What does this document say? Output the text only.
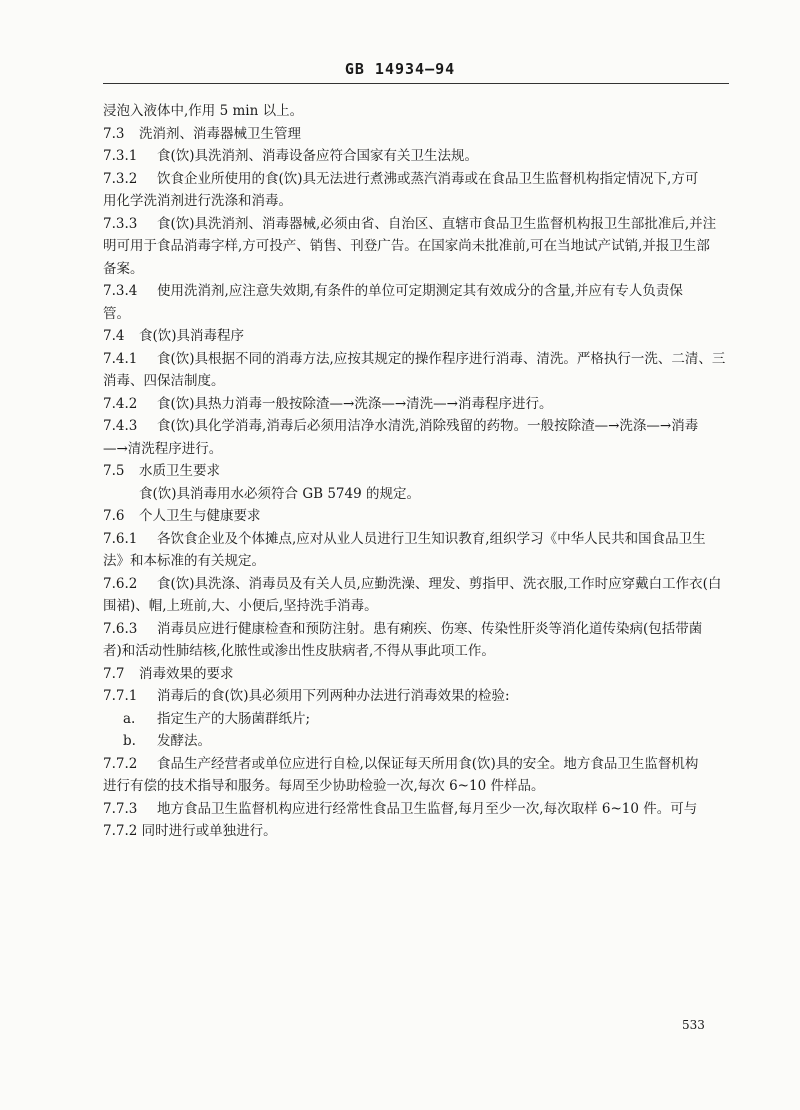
GB 14934—94
浸泡入液体中,作用 5 min 以上。
7.3 洗消剂、消毒器械卫生管理
7.3.1 食(饮)具洗消剂、消毒设备应符合国家有关卫生法规。
7.3.2 饮食企业所使用的食(饮)具无法进行煮沸或蒸汽消毒或在食品卫生监督机构指定情况下,方可
用化学洗消剂进行洗涤和消毒。
7.3.3 食(饮)具洗消剂、消毒器械,必须由省、自治区、直辖市食品卫生监督机构报卫生部批准后,并注
明可用于食品消毒字样,方可投产、销售、刊登广告。在国家尚未批准前,可在当地试产试销,并报卫生部
备案。
7.3.4 使用洗消剂,应注意失效期,有条件的单位可定期测定其有效成分的含量,并应有专人负责保
管。
7.4 食(饮)具消毒程序
7.4.1 食(饮)具根据不同的消毒方法,应按其规定的操作程序进行消毒、清洗。严格执行一洗、二清、三
消毒、四保洁制度。
7.4.2 食(饮)具热力消毒一般按除渣—→洗涤—→清洗—→消毒程序进行。
7.4.3 食(饮)具化学消毒,消毒后必须用洁净水清洗,消除残留的药物。一般按除渣—→洗涤—→消毒
—→清洗程序进行。
7.5 水质卫生要求
食(饮)具消毒用水必须符合 GB 5749 的规定。
7.6 个人卫生与健康要求
7.6.1 各饮食企业及个体摊点,应对从业人员进行卫生知识教育,组织学习《中华人民共和国食品卫生
法》和本标准的有关规定。
7.6.2 食(饮)具洗涤、消毒员及有关人员,应勤洗澡、理发、剪指甲、洗衣服,工作时应穿戴白工作衣(白
围裙)、帽,上班前,大、小便后,坚持洗手消毒。
7.6.3 消毒员应进行健康检查和预防注射。患有痢疾、伤寒、传染性肝炎等消化道传染病(包括带菌
者)和活动性肺结核,化脓性或渗出性皮肤病者,不得从事此项工作。
7.7 消毒效果的要求
7.7.1 消毒后的食(饮)具必须用下列两种办法进行消毒效果的检验:
a. 指定生产的大肠菌群纸片;
b. 发酵法。
7.7.2 食品生产经营者或单位应进行自检,以保证每天所用食(饮)具的安全。地方食品卫生监督机构
进行有偿的技术指导和服务。每周至少协助检验一次,每次 6~10 件样品。
7.7.3 地方食品卫生监督机构应进行经常性食品卫生监督,每月至少一次,每次取样 6~10 件。可与
7.7.2 同时进行或单独进行。
533
